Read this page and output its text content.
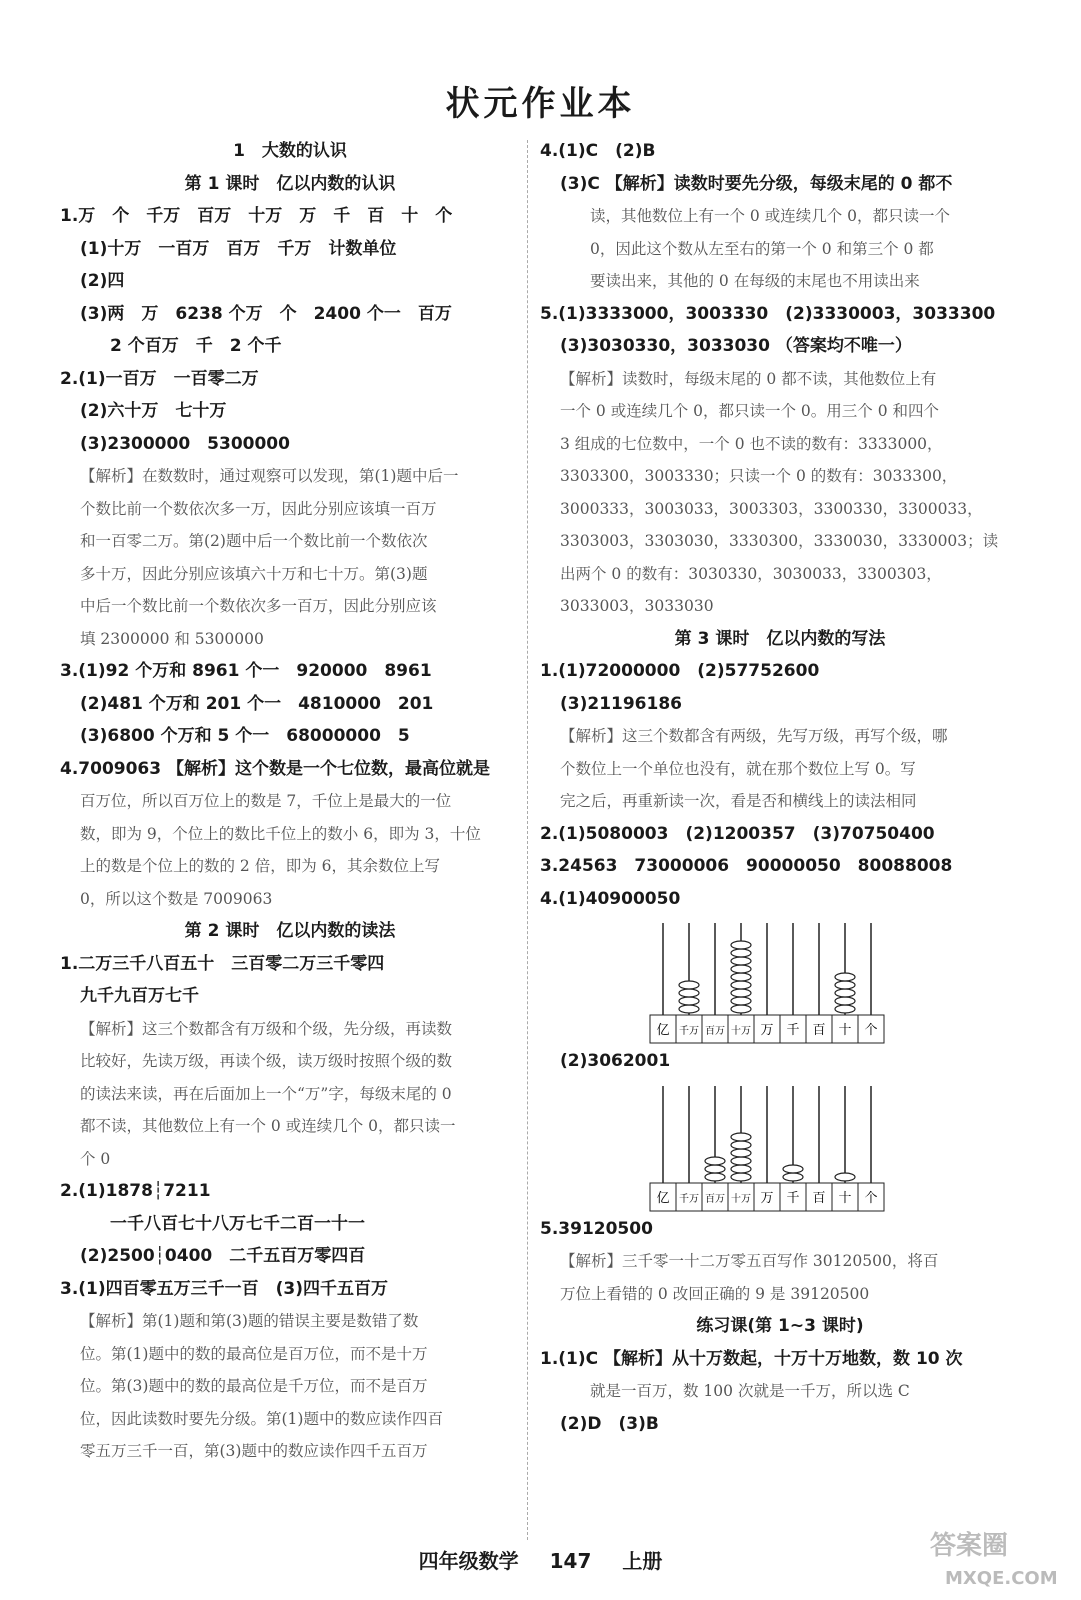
状元作业本
1　大数的认识
第 1 课时　亿以内数的认识
1.万　个　千万　百万　十万　万　千　百　十　个
(1)十万　一百万　百万　千万　计数单位
(2)四
(3)两　万　6238 个万　个　2400 个一　百万
2 个百万　千　2 个千
2.(1)一百万　一百零二万
(2)六十万　七十万
(3)2300000　5300000
【解析】在数数时，通过观察可以发现，第(1)题中后一
个数比前一个数依次多一万，因此分别应该填一百万
和一百零二万。第(2)题中后一个数比前一个数依次
多十万，因此分别应该填六十万和七十万。第(3)题
中后一个数比前一个数依次多一百万，因此分别应该
填 2300000 和 5300000
3.(1)92 个万和 8961 个一　920000　8961
(2)481 个万和 201 个一　4810000　201
(3)6800 个万和 5 个一　68000000　5
4.7009063 【解析】这个数是一个七位数，最高位就是
百万位，所以百万位上的数是 7，千位上是最大的一位
数，即为 9，个位上的数比千位上的数小 6，即为 3，十位
上的数是个位上的数的 2 倍，即为 6，其余数位上写
0，所以这个数是 7009063
第 2 课时　亿以内数的读法
1.二万三千八百五十　三百零二万三千零四
九千九百万七千
【解析】这三个数都含有万级和个级，先分级，再读数
比较好，先读万级，再读个级，读万级时按照个级的数
的读法来读，再在后面加上一个“万”字，每级末尾的 0
都不读，其他数位上有一个 0 或连续几个 0，都只读一
个 0
2.(1)1878┆7211
一千八百七十八万七千二百一十一
(2)2500┆0400　二千五百万零四百
3.(1)四百零五万三千一百　(3)四千五百万
【解析】第(1)题和第(3)题的错误主要是数错了数
位。第(1)题中的数的最高位是百万位，而不是十万
位。第(3)题中的数的最高位是千万位，而不是百万
位，因此读数时要先分级。第(1)题中的数应读作四百
零五万三千一百，第(3)题中的数应读作四千五百万
4.(1)C　(2)B
(3)C 【解析】读数时要先分级，每级末尾的 0 都不
读，其他数位上有一个 0 或连续几个 0，都只读一个
0，因此这个数从左至右的第一个 0 和第三个 0 都
要读出来，其他的 0 在每级的末尾也不用读出来
5.(1)3333000，3003330　(2)3330003，3033300
(3)3030330，3033030 （答案均不唯一）
【解析】读数时，每级末尾的 0 都不读，其他数位上有
一个 0 或连续几个 0，都只读一个 0。用三个 0 和四个
3 组成的七位数中，一个 0 也不读的数有：3333000，
3303300，3003330；只读一个 0 的数有：3033300，
3000333，3003033，3003303，3300330，3300033，
3303003，3303030，3330300，3330030，3330003；读
出两个 0 的数有：3030330，3030033，3300303，
3033003，3033030
第 3 课时　亿以内数的写法
1.(1)72000000　(2)57752600
(3)21196186
【解析】这三个数都含有两级，先写万级，再写个级，哪
个数位上一个单位也没有，就在那个数位上写 0。写
完之后，再重新读一次，看是否和横线上的读法相同
2.(1)5080003　(2)1200357　(3)70750400
3.24563　73000006　90000050　80088008
4.(1)40900050
亿 千万 百万 十万 万 千 百 十 个
(2)3062001
亿 千万 百万 十万 万 千 百 十 个
5.39120500
【解析】三千零一十二万零五百写作 30120500，将百
万位上看错的 0 改回正确的 9 是 39120500
练习课(第 1~3 课时)
1.(1)C 【解析】从十万数起，十万十万地数，数 10 次
就是一百万，数 100 次就是一千万，所以选 C
(2)D　(3)B
四年级数学 147 上册	答案圈
MXQE.COM
